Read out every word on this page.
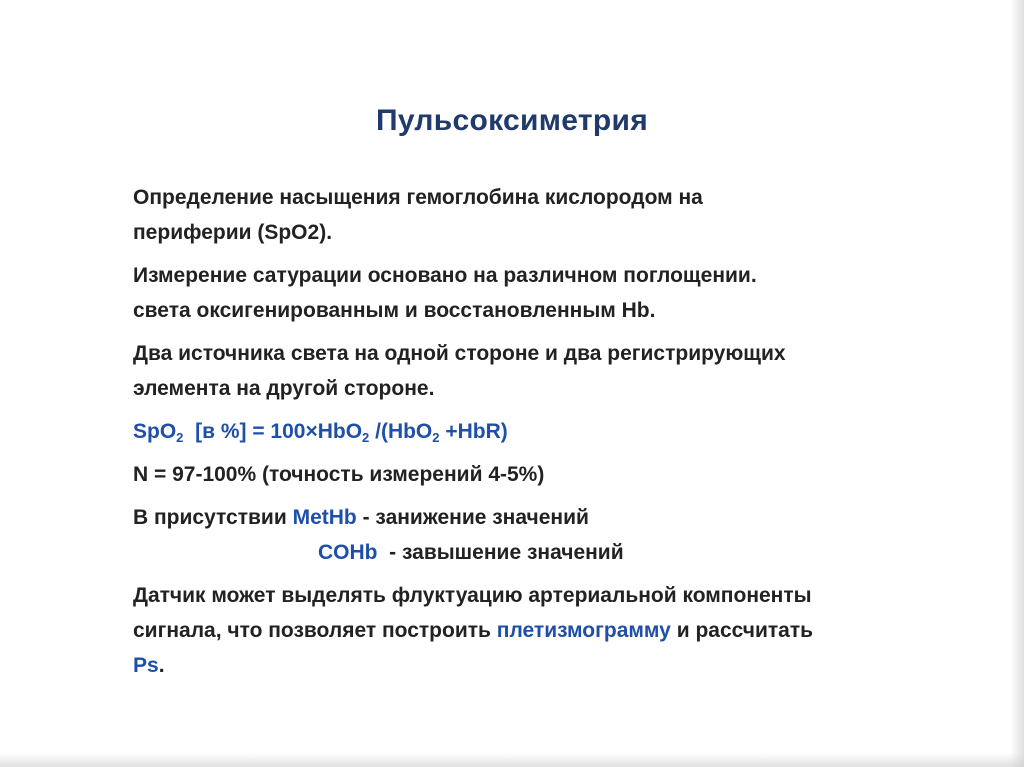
Пульсоксиметрия
Определение насыщения гемоглобина кислородом на
периферии (SpO2).
Измерение сатурации основано на различном поглощении.
света оксигенированным и восстановленным Hb.
Два источника света на одной стороне и два регистрирующих
элемента на другой стороне.
SpO$_2$  [в %] = 100×HbO$_2$ /(HbO$_2$ +HbR)
N = 97-100% (точность измерений 4-5%)
В присутствии MetHb - занижение значений
COHb  - завышение значений
Датчик может выделять флуктуацию артериальной компоненты
сигнала, что позволяет построить плетизмограмму и рассчитать
Ps.
